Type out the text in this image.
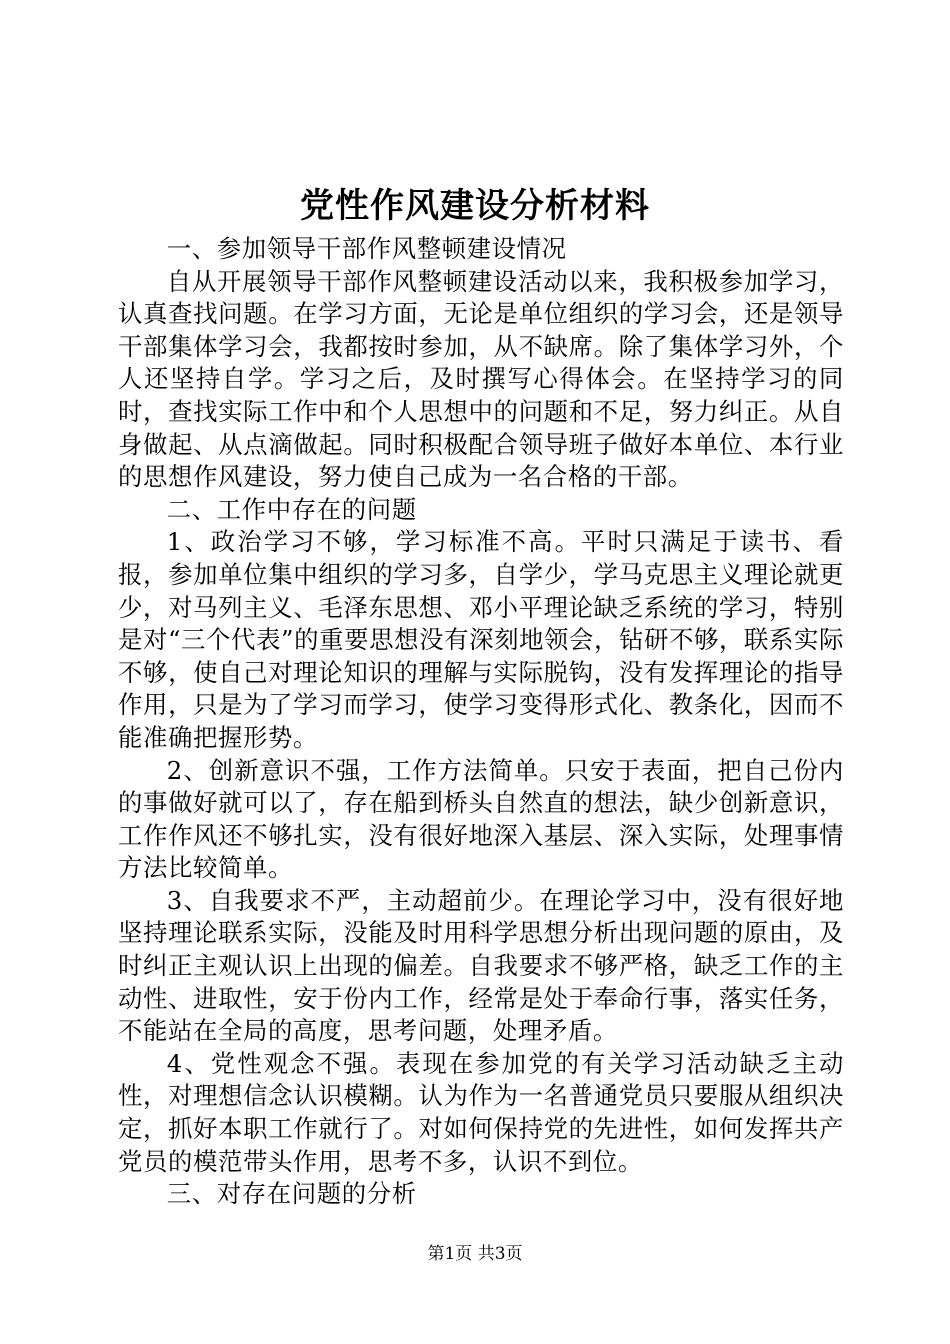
党性作风建设分析材料

一、参加领导干部作风整顿建设情况

自从开展领导干部作风整顿建设活动以来，我积极参加学习，认真查找问题。在学习方面，无论是单位组织的学习会，还是领导干部集体学习会，我都按时参加，从不缺席。除了集体学习外，个人还坚持自学。学习之后，及时撰写心得体会。在坚持学习的同时，查找实际工作中和个人思想中的问题和不足，努力纠正。从自身做起、从点滴做起。同时积极配合领导班子做好本单位、本行业的思想作风建设，努力使自己成为一名合格的干部。

二、工作中存在的问题

1、政治学习不够，学习标准不高。平时只满足于读书、看报，参加单位集中组织的学习多，自学少，学马克思主义理论就更少，对马列主义、毛泽东思想、邓小平理论缺乏系统的学习，特别是对“三个代表”的重要思想没有深刻地领会，钻研不够，联系实际不够，使自己对理论知识的理解与实际脱钩，没有发挥理论的指导作用，只是为了学习而学习，使学习变得形式化、教条化，因而不能准确把握形势。

2、创新意识不强，工作方法简单。只安于表面，把自己份内的事做好就可以了，存在船到桥头自然直的想法，缺少创新意识，工作作风还不够扎实，没有很好地深入基层、深入实际，处理事情方法比较简单。

3、自我要求不严，主动超前少。在理论学习中，没有很好地坚持理论联系实际，没能及时用科学思想分析出现问题的原由，及时纠正主观认识上出现的偏差。自我要求不够严格，缺乏工作的主动性、进取性，安于份内工作，经常是处于奉命行事，落实任务，不能站在全局的高度，思考问题，处理矛盾。

4、党性观念不强。表现在参加党的有关学习活动缺乏主动性，对理想信念认识模糊。认为作为一名普通党员只要服从组织决定，抓好本职工作就行了。对如何保持党的先进性，如何发挥共产党员的模范带头作用，思考不多，认识不到位。

三、对存在问题的分析

第1页 共3页
